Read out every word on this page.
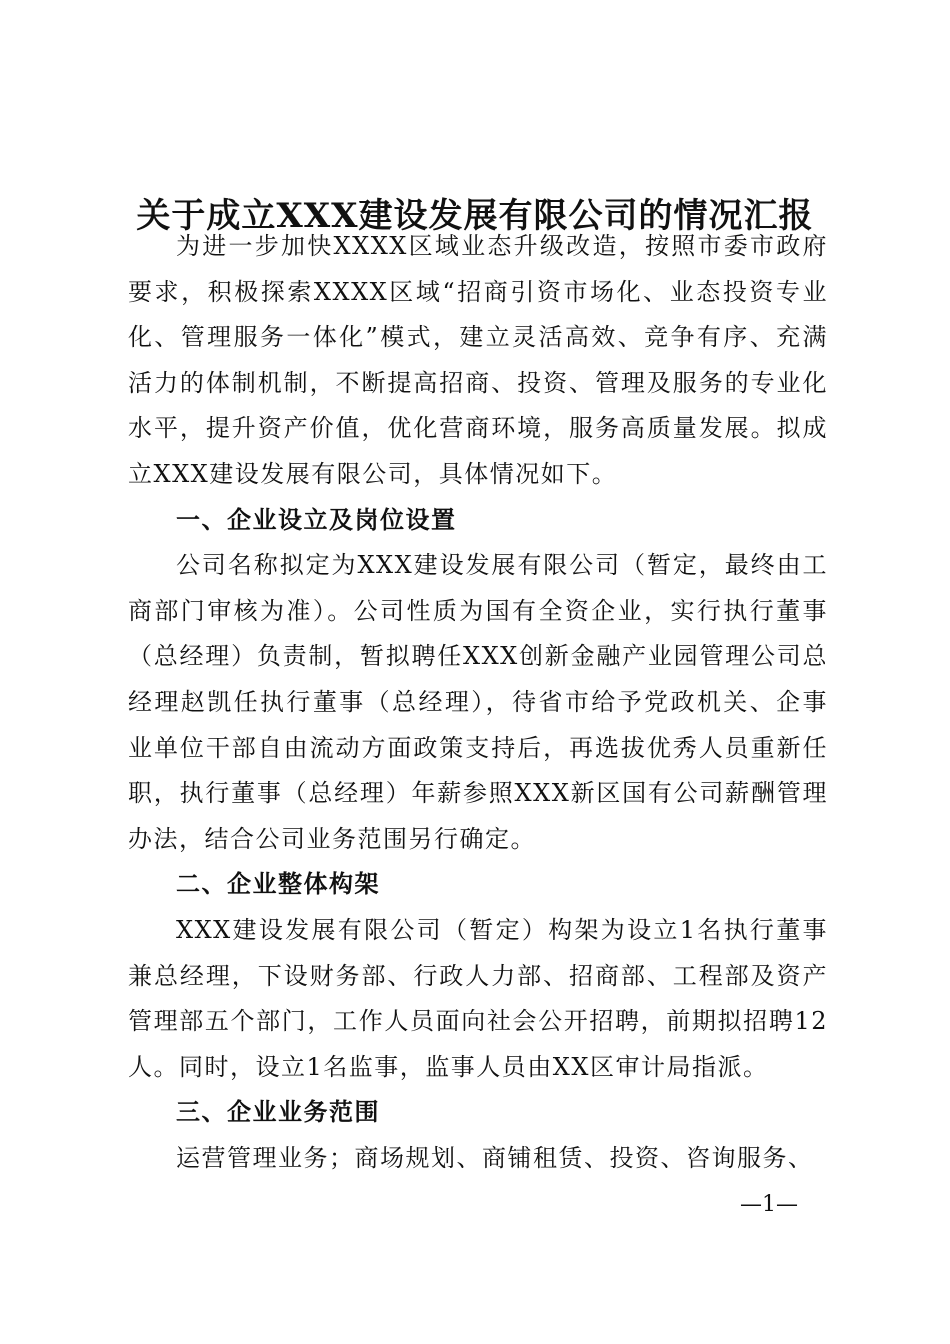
关于成立XXX建设发展有限公司的情况汇报

为进一步加快XXXX区域业态升级改造，按照市委市政府要求，积极探索XXXX区域“招商引资市场化、业态投资专业化、管理服务一体化”模式，建立灵活高效、竞争有序、充满活力的体制机制，不断提高招商、投资、管理及服务的专业化水平，提升资产价值，优化营商环境，服务高质量发展。拟成立XXX建设发展有限公司，具体情况如下。

一、企业设立及岗位设置

公司名称拟定为XXX建设发展有限公司（暂定，最终由工商部门审核为准）。公司性质为国有全资企业，实行执行董事（总经理）负责制，暂拟聘任XXX创新金融产业园管理公司总经理赵凯任执行董事（总经理），待省市给予党政机关、企事业单位干部自由流动方面政策支持后，再选拔优秀人员重新任职，执行董事（总经理）年薪参照XXX新区国有公司薪酬管理办法，结合公司业务范围另行确定。

二、企业整体构架

XXX建设发展有限公司（暂定）构架为设立1名执行董事兼总经理，下设财务部、行政人力部、招商部、工程部及资产管理部五个部门，工作人员面向社会公开招聘，前期拟招聘12人。同时，设立1名监事，监事人员由XX区审计局指派。

三、企业业务范围

运营管理业务；商场规划、商铺租赁、投资、咨询服务、

—1—
